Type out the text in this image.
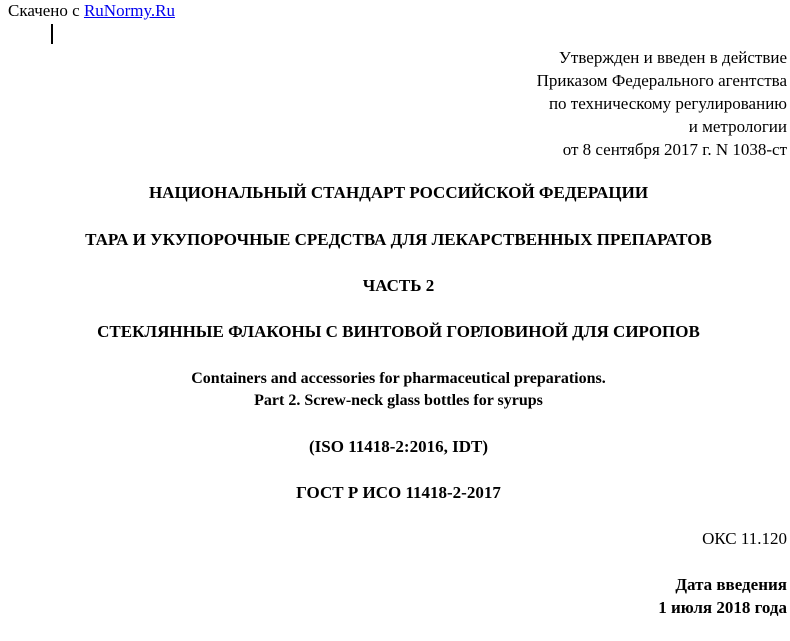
Скачено с RuNormy.Ru
Утвержден и введен в действие
Приказом Федерального агентства
по техническому регулированию
и метрологии
от 8 сентября 2017 г. N 1038-ст
НАЦИОНАЛЬНЫЙ СТАНДАРТ РОССИЙСКОЙ ФЕДЕРАЦИИ
ТАРА И УКУПОРОЧНЫЕ СРЕДСТВА ДЛЯ ЛЕКАРСТВЕННЫХ ПРЕПАРАТОВ
ЧАСТЬ 2
СТЕКЛЯННЫЕ ФЛАКОНЫ С ВИНТОВОЙ ГОРЛОВИНОЙ ДЛЯ СИРОПОВ
Containers and accessories for pharmaceutical preparations.
Part 2. Screw-neck glass bottles for syrups
(ISO 11418-2:2016, IDT)
ГОСТ Р ИСО 11418-2-2017
ОКС 11.120
Дата введения
1 июля 2018 года
